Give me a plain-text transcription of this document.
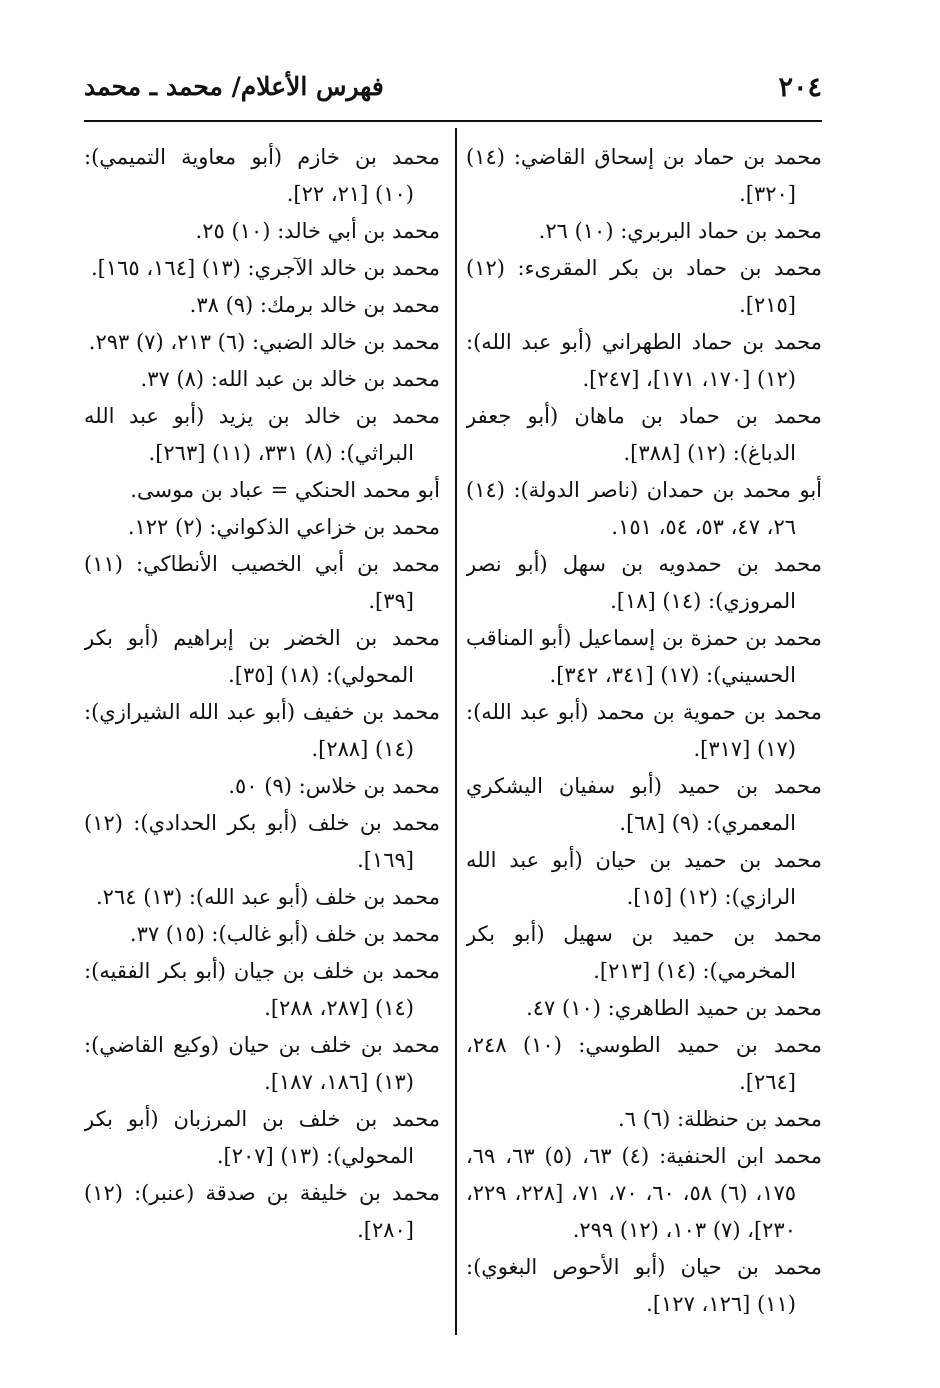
٢٠٤
فهرس الأعلام/ محمد ـ محمد

محمد بن حماد بن إسحاق القاضي: (١٤) [٣٢٠].

محمد بن حماد البربري: (١٠) ٢٦.

محمد بن حماد بن بكر المقرىء: (١٢) [٢١٥].

محمد بن حماد الطهراني (أبو عبد الله): (١٢) [١٧٠، ١٧١]، [٢٤٧].

محمد بن حماد بن ماهان (أبو جعفر الدباغ): (١٢) [٣٨٨].

أبو محمد بن حمدان (ناصر الدولة): (١٤) ٢٦، ٤٧، ٥٣، ٥٤، ١٥١.

محمد بن حمدويه بن سهل (أبو نصر المروزي): (١٤) [١٨].

محمد بن حمزة بن إسماعيل (أبو المناقب الحسيني): (١٧) [٣٤١، ٣٤٢].

محمد بن حموية بن محمد (أبو عبد الله): (١٧) [٣١٧].

محمد بن حميد (أبو سفيان اليشكري المعمري): (٩) [٦٨].

محمد بن حميد بن حيان (أبو عبد الله الرازي): (١٢) [١٥].

محمد بن حميد بن سهيل (أبو بكر المخرمي): (١٤) [٢١٣].

محمد بن حميد الطاهري: (١٠) ٤٧.

محمد بن حميد الطوسي: (١٠) ٢٤٨، [٢٦٤].

محمد بن حنظلة: (٦) ٦.

محمد ابن الحنفية: (٤) ٦٣، (٥) ٦٣، ٦٩، ١٧٥، (٦) ٥٨، ٦٠، ٧٠، ٧١، [٢٢٨، ٢٢٩، ٢٣٠]، (٧) ١٠٣، (١٢) ٢٩٩.

محمد بن حيان (أبو الأحوص البغوي): (١١) [١٢٦، ١٢٧].

محمد بن خازم (أبو معاوية التميمي): (١٠) [٢١، ٢٢].

محمد بن أبي خالد: (١٠) ٢٥.

محمد بن خالد الآجري: (١٣) [١٦٤، ١٦٥].

محمد بن خالد برمك: (٩) ٣٨.

محمد بن خالد الضبي: (٦) ٢١٣، (٧) ٢٩٣.

محمد بن خالد بن عبد الله: (٨) ٣٧.

محمد بن خالد بن يزيد (أبو عبد الله البراثي): (٨) ٣٣١، (١١) [٢٦٣].

أبو محمد الحنكي = عباد بن موسى.

محمد بن خزاعي الذكواني: (٢) ١٢٢.

محمد بن أبي الخصيب الأنطاكي: (١١) [٣٩].

محمد بن الخضر بن إبراهيم (أبو بكر المحولي): (١٨) [٣٥].

محمد بن خفيف (أبو عبد الله الشيرازي): (١٤) [٢٨٨].

محمد بن خلاس: (٩) ٥٠.

محمد بن خلف (أبو بكر الحدادي): (١٢) [١٦٩].

محمد بن خلف (أبو عبد الله): (١٣) ٢٦٤.

محمد بن خلف (أبو غالب): (١٥) ٣٧.

محمد بن خلف بن جيان (أبو بكر الفقيه): (١٤) [٢٨٧، ٢٨٨].

محمد بن خلف بن حيان (وكيع القاضي): (١٣) [١٨٦، ١٨٧].

محمد بن خلف بن المرزبان (أبو بكر المحولي): (١٣) [٢٠٧].

محمد بن خليفة بن صدقة (عنبر): (١٢) [٢٨٠].
